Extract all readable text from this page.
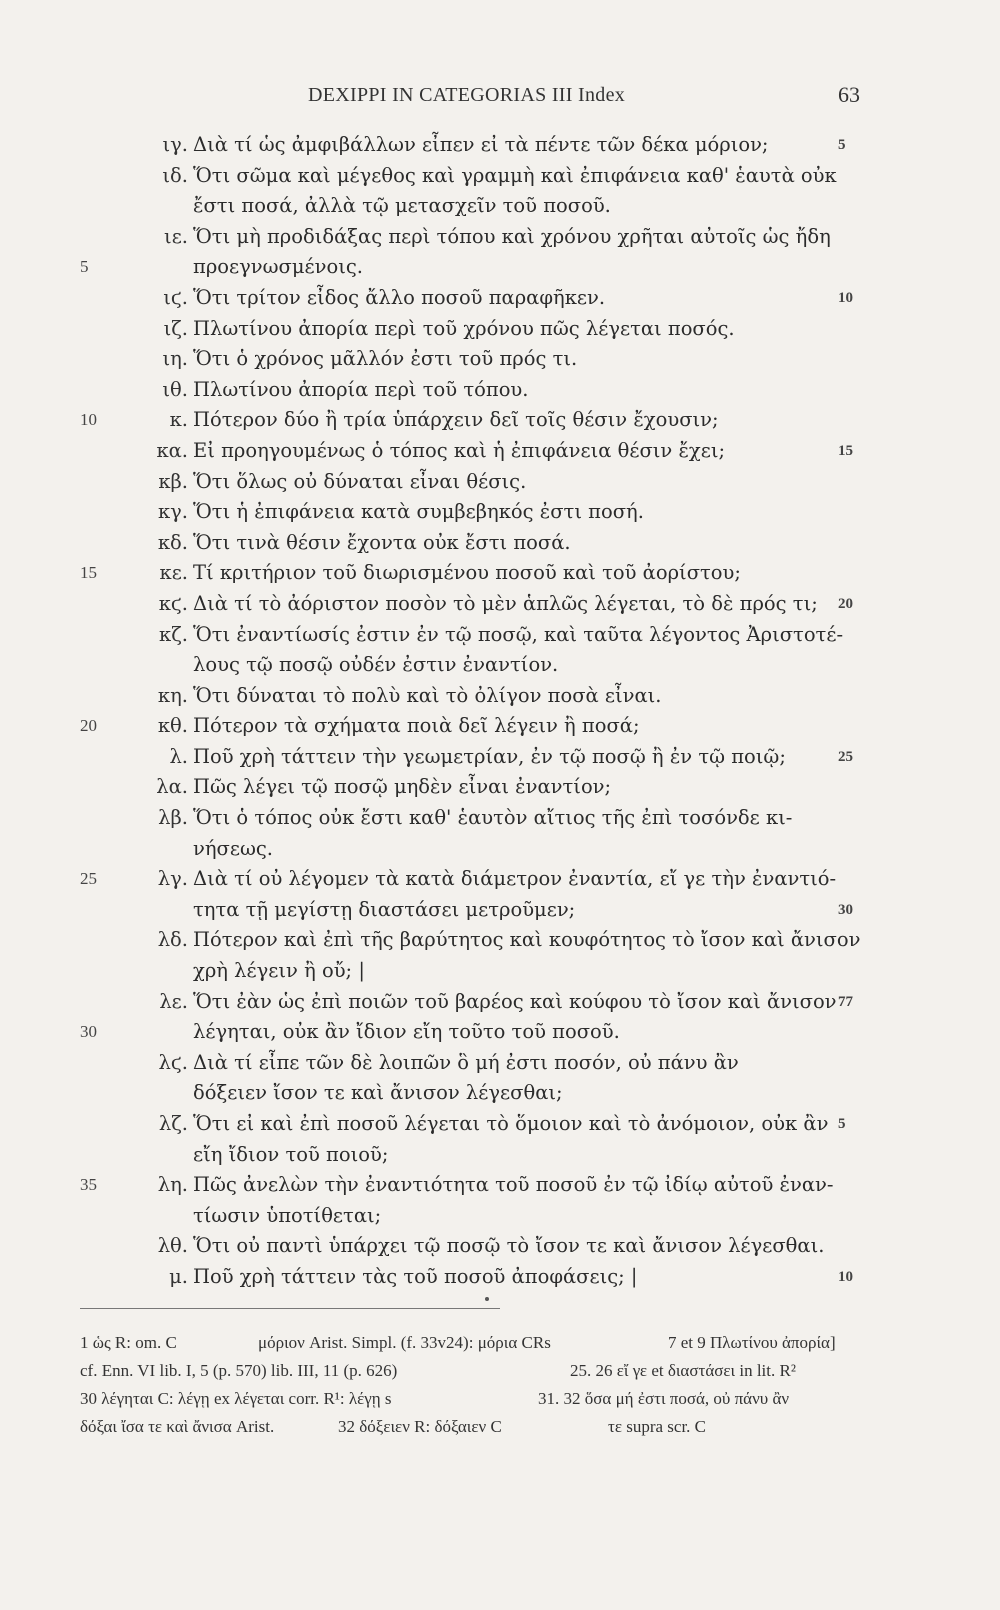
DEXIPPI IN CATEGORIAS III Index	63
ιγ. Διὰ τί ὡς ἀμφιβάλλων εἶπεν εἰ τὰ πέντε τῶν δέκα μόριον;	5
ιδ. Ὅτι σῶμα καὶ μέγεθος καὶ γραμμὴ καὶ ἐπιφάνεια καθ' ἑαυτὰ οὐκ
ἔστι ποσά, ἀλλὰ τῷ μετασχεῖν τοῦ ποσοῦ.
ιε. Ὅτι μὴ προδιδάξας περὶ τόπου καὶ χρόνου χρῆται αὐτοῖς ὡς ἤδη
5	προεγνωσμένοις.
ιϛ. Ὅτι τρίτον εἶδος ἄλλο ποσοῦ παραφῆκεν.	10
ιζ. Πλωτίνου ἀπορία περὶ τοῦ χρόνου πῶς λέγεται ποσός.
ιη. Ὅτι ὁ χρόνος μᾶλλόν ἐστι τοῦ πρός τι.
ιθ. Πλωτίνου ἀπορία περὶ τοῦ τόπου.
10	κ. Πότερον δύο ἢ τρία ὑπάρχειν δεῖ τοῖς θέσιν ἔχουσιν;
κα. Εἰ προηγουμένως ὁ τόπος καὶ ἡ ἐπιφάνεια θέσιν ἔχει;	15
κβ. Ὅτι ὅλως οὐ δύναται εἶναι θέσις.
κγ. Ὅτι ἡ ἐπιφάνεια κατὰ συμβεβηκός ἐστι ποσή.
κδ. Ὅτι τινὰ θέσιν ἔχοντα οὐκ ἔστι ποσά.
15	κε. Τί κριτήριον τοῦ διωρισμένου ποσοῦ καὶ τοῦ ἀορίστου;
κϛ. Διὰ τί τὸ ἀόριστον ποσὸν τὸ μὲν ἁπλῶς λέγεται, τὸ δὲ πρός τι; 20
κζ. Ὅτι ἐναντίωσίς ἐστιν ἐν τῷ ποσῷ, καὶ ταῦτα λέγοντος Ἀριστοτέ-
λους τῷ ποσῷ οὐδέν ἐστιν ἐναντίον.
κη. Ὅτι δύναται τὸ πολὺ καὶ τὸ ὀλίγον ποσὰ εἶναι.
20	κθ. Πότερον τὰ σχήματα ποιὰ δεῖ λέγειν ἢ ποσά;
λ. Ποῦ χρὴ τάττειν τὴν γεωμετρίαν, ἐν τῷ ποσῷ ἢ ἐν τῷ ποιῷ;	25
λα. Πῶς λέγει τῷ ποσῷ μηδὲν εἶναι ἐναντίον;
λβ. Ὅτι ὁ τόπος οὐκ ἔστι καθ' ἑαυτὸν αἴτιος τῆς ἐπὶ τοσόνδε κι-
νήσεως.
25	λγ. Διὰ τί οὐ λέγομεν τὰ κατὰ διάμετρον ἐναντία, εἴ γε τὴν ἐναντιό-
τητα τῇ μεγίστῃ διαστάσει μετροῦμεν;	30
λδ. Πότερον καὶ ἐπὶ τῆς βαρύτητος καὶ κουφότητος τὸ ἴσον καὶ ἄνισον
χρὴ λέγειν ἢ οὔ; |
λε. Ὅτι ἐὰν ὡς ἐπὶ ποιῶν τοῦ βαρέος καὶ κούφου τὸ ἴσον καὶ ἄνισον 77
30	λέγηται, οὐκ ἂν ἴδιον εἴη τοῦτο τοῦ ποσοῦ.
λϛ. Διὰ τί εἶπε τῶν δὲ λοιπῶν ὃ μή ἐστι ποσόν, οὐ πάνυ ἂν
δόξειεν ἴσον τε καὶ ἄνισον λέγεσθαι;
λζ. Ὅτι εἰ καὶ ἐπὶ ποσοῦ λέγεται τὸ ὅμοιον καὶ τὸ ἀνόμοιον, οὐκ ἂν 5
εἴη ἴδιον τοῦ ποιοῦ;
35	λη. Πῶς ἀνελὼν τὴν ἐναντιότητα τοῦ ποσοῦ ἐν τῷ ἰδίῳ αὐτοῦ ἐναν-
τίωσιν ὑποτίθεται;
λθ. Ὅτι οὐ παντὶ ὑπάρχει τῷ ποσῷ τὸ ἴσον τε καὶ ἄνισον λέγεσθαι.
μ. Ποῦ χρὴ τάττειν τὰς τοῦ ποσοῦ ἀποφάσεις; |	10
1 ὡς R: om. C	μόριον Arist. Simpl. (f. 33v24): μόρια CRs	7 et 9 Πλωτίνου ἀπορία]
cf. Enn. VI lib. I, 5 (p. 570) lib. III, 11 (p. 626)	25. 26 εἴ γε et διαστάσει in lit. R²
30 λέγηται C: λέγῃ ex λέγεται corr. R¹: λέγῃ s	31. 32 ὅσα μή ἐστι ποσά, οὐ πάνυ ἂν
δόξαι ἴσα τε καὶ ἄνισα Arist.	32 δόξειεν R: δόξαιεν C	τε supra scr. C
